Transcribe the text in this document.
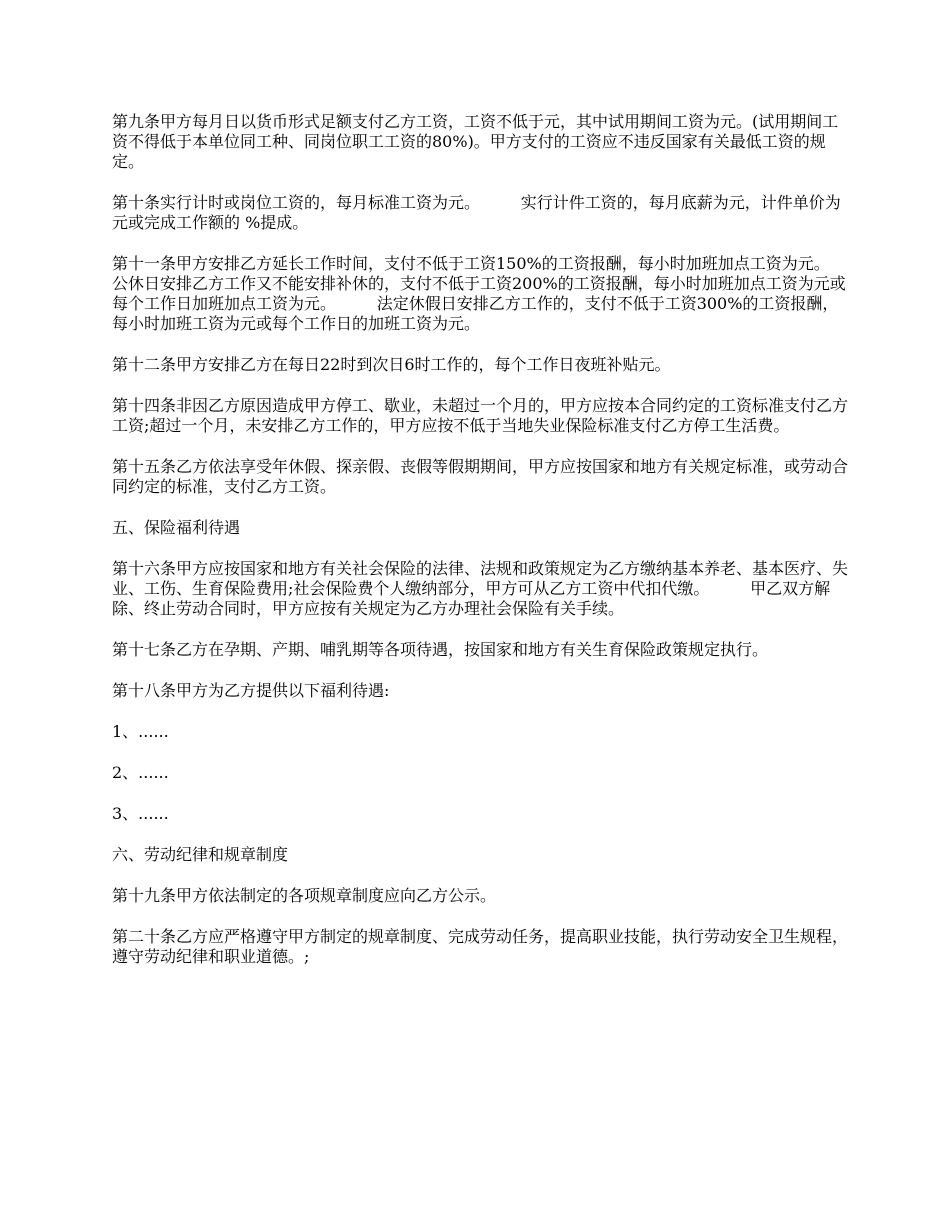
第九条甲方每月日以货币形式足额支付乙方工资，工资不低于元，其中试用期间工资为元。(试用期间工资不得低于本单位同工种、同岗位职工工资的80%)。甲方支付的工资应不违反国家有关最低工资的规定。

第十条实行计时或岗位工资的，每月标准工资为元。        实行计件工资的，每月底薪为元，计件单价为元或完成工作额的 %提成。

第十一条甲方安排乙方延长工作时间，支付不低于工资150%的工资报酬，每小时加班加点工资为元。        公休日安排乙方工作又不能安排补休的，支付不低于工资200%的工资报酬，每小时加班加点工资为元或每个工作日加班加点工资为元。        法定休假日安排乙方工作的，支付不低于工资300%的工资报酬，每小时加班工资为元或每个工作日的加班工资为元。

第十二条甲方安排乙方在每日22时到次日6时工作的，每个工作日夜班补贴元。

第十四条非因乙方原因造成甲方停工、歇业，未超过一个月的，甲方应按本合同约定的工资标准支付乙方工资;超过一个月，未安排乙方工作的，甲方应按不低于当地失业保险标准支付乙方停工生活费。

第十五条乙方依法享受年休假、探亲假、丧假等假期期间，甲方应按国家和地方有关规定标准，或劳动合同约定的标准，支付乙方工资。

五、保险福利待遇

第十六条甲方应按国家和地方有关社会保险的法律、法规和政策规定为乙方缴纳基本养老、基本医疗、失业、工伤、生育保险费用;社会保险费个人缴纳部分，甲方可从乙方工资中代扣代缴。        甲乙双方解除、终止劳动合同时，甲方应按有关规定为乙方办理社会保险有关手续。

第十七条乙方在孕期、产期、哺乳期等各项待遇，按国家和地方有关生育保险政策规定执行。

第十八条甲方为乙方提供以下福利待遇:

1、......

2、......

3、......

六、劳动纪律和规章制度

第十九条甲方依法制定的各项规章制度应向乙方公示。

第二十条乙方应严格遵守甲方制定的规章制度、完成劳动任务，提高职业技能，执行劳动安全卫生规程，遵守劳动纪律和职业道德。;
